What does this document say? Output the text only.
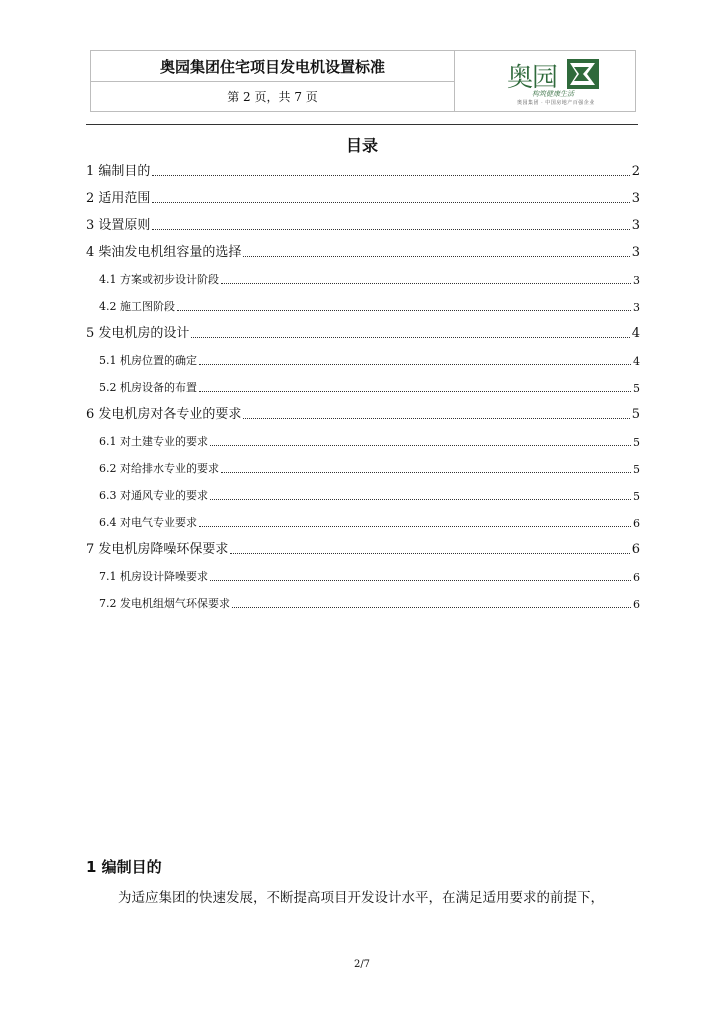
奥园集团住宅项目发电机设置标准
第 2 页，共 7 页
奥园
构筑健康生活
奥园集团 · 中国房地产百强企业
目录
1 编制目的	2
2 适用范围	3
3 设置原则	3
4 柴油发电机组容量的选择	3
4.1 方案或初步设计阶段	3
4.2 施工图阶段	3
5 发电机房的设计	4
5.1 机房位置的确定	4
5.2 机房设备的布置	5
6 发电机房对各专业的要求	5
6.1 对土建专业的要求	5
6.2 对给排水专业的要求	5
6.3 对通风专业的要求	5
6.4 对电气专业要求	6
7 发电机房降噪环保要求	6
7.1 机房设计降噪要求	6
7.2 发电机组烟气环保要求	6
1 编制目的
为适应集团的快速发展，不断提高项目开发设计水平，在满足适用要求的前提下，
2/7
